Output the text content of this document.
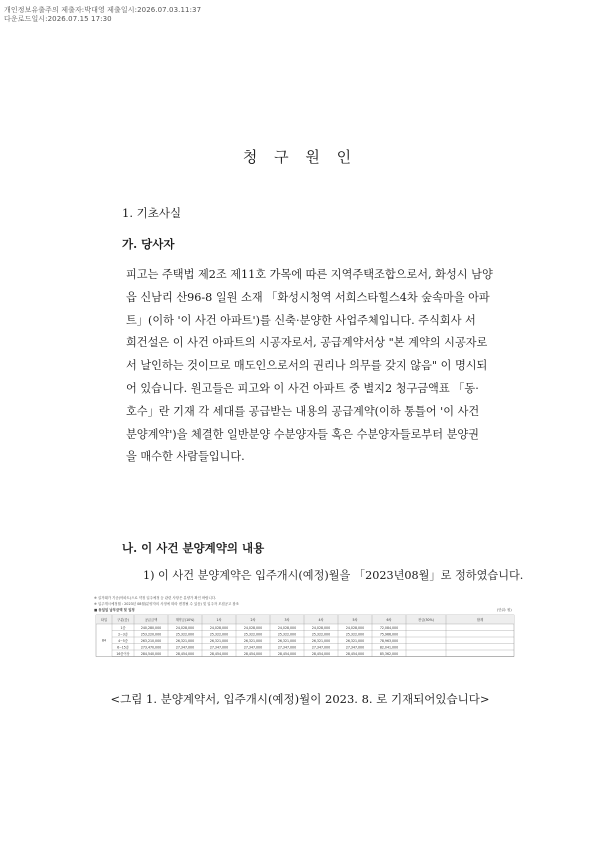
개인정보유출주의 제출자:박대영 제출일시:2026.07.03.11:37
다운로드일시:2026.07.15 17:30
청 구 원 인
1. 기초사실
가. 당사자
피고는 주택법 제2조 제11호 가목에 따른 지역주택조합으로서, 화성시 남양
읍 신남리 산96-8 일원 소재 「화성시청역 서희스타힐스4차 숲속마을 아파
트」(이하 '이 사건 아파트')를 신축·분양한 사업주체입니다. 주식회사 서
희건설은 이 사건 아파트의 시공자로서, 공급계약서상 "본 계약의 시공자로
서 날인하는 것이므로 매도인으로서의 권리나 의무를 갖지 않음" 이 명시되
어 있습니다. 원고들은 피고와 이 사건 아파트 중 별지2 청구금액표 「동·
호수」란 기재 각 세대를 공급받는 내용의 공급계약(이하 통틀어 '이 사건
분양계약')을 체결한 일반분양 수분양자들 혹은 수분양자들로부터 분양권
을 매수한 사람들입니다.
나. 이 사건 분양계약의 내용
1) 이 사건 분양계약은 입주개시(예정)월을 「2023년08월」로 정하였습니다.
※ 실거래가 기준(아파트)으로 약정 입주예정 등 관련 사항은 분양가 확인 바랍니다.
※ 입주개시예정월 : 2023년 08월(분양자의 사정에 따라 변경될 수 있음) 및 입주자 모집공고 참조
■ 동일일 납부금액 및 일정	(단위: 원)
타입	구분(층)	공급금액	계약금(10%)	1차	2차	3차	4차	5차	6차	잔금(30%)	합계
84
1층	240,280,000	24,028,000	24,028,000	24,028,000	24,028,000	24,028,000	24,028,000	72,084,000
2~3층	253,220,000	25,322,000	25,322,000	25,322,000	25,322,000	25,322,000	25,322,000	75,966,000
4~5층	263,210,000	26,321,000	26,321,000	26,321,000	26,321,000	26,321,000	26,321,000	78,963,000
6~15층	273,470,000	27,347,000	27,347,000	27,347,000	27,347,000	27,347,000	27,347,000	82,041,000
16층이상	284,540,000	28,454,000	28,454,000	28,454,000	28,454,000	28,454,000	28,454,000	85,362,000
<그림 1. 분양계약서, 입주개시(예정)월이 2023. 8. 로 기재되어있습니다>
